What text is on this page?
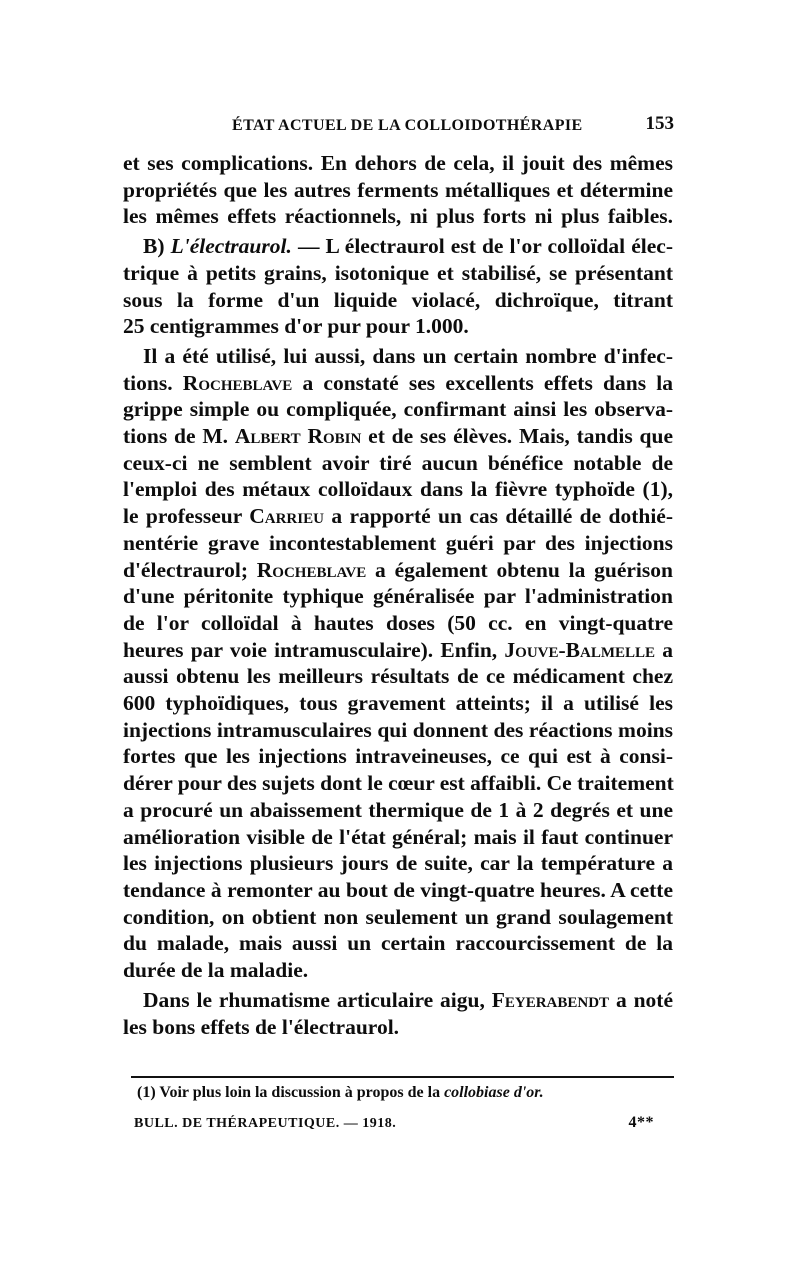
ÉTAT ACTUEL DE LA COLLOIDOTHÉRAPIE	153
et ses complications. En dehors de cela, il jouit des mêmes
propriétés que les autres ferments métalliques et détermine
les mêmes effets réactionnels, ni plus forts ni plus faibles.
B) L'électraurol. — L électraurol est de l'or colloïdal élec-
trique à petits grains, isotonique et stabilisé, se présentant
sous la forme d'un liquide violacé, dichroïque, titrant
25 centigrammes d'or pur pour 1.000.
Il a été utilisé, lui aussi, dans un certain nombre d'infec-
tions. Rocheblave a constaté ses excellents effets dans la
grippe simple ou compliquée, confirmant ainsi les observa-
tions de M. Albert Robin et de ses élèves. Mais, tandis que
ceux-ci ne semblent avoir tiré aucun bénéfice notable de
l'emploi des métaux colloïdaux dans la fièvre typhoïde (1),
le professeur Carrieu a rapporté un cas détaillé de dothié-
nentérie grave incontestablement guéri par des injections
d'électraurol; Rocheblave a également obtenu la guérison
d'une péritonite typhique généralisée par l'administration
de l'or colloïdal à hautes doses (50 cc. en vingt-quatre
heures par voie intramusculaire). Enfin, Jouve-Balmelle a
aussi obtenu les meilleurs résultats de ce médicament chez
600 typhoïdiques, tous gravement atteints; il a utilisé les
injections intramusculaires qui donnent des réactions moins
fortes que les injections intraveineuses, ce qui est à consi-
dérer pour des sujets dont le cœur est affaibli. Ce traitement
a procuré un abaissement thermique de 1 à 2 degrés et une
amélioration visible de l'état général; mais il faut continuer
les injections plusieurs jours de suite, car la température a
tendance à remonter au bout de vingt-quatre heures. A cette
condition, on obtient non seulement un grand soulagement
du malade, mais aussi un certain raccourcissement de la
durée de la maladie.
Dans le rhumatisme articulaire aigu, Feyerabendt a noté
les bons effets de l'électraurol.
(1) Voir plus loin la discussion à propos de la collobiase d'or.
BULL. DE THÉRAPEUTIQUE. — 1918.	4**
